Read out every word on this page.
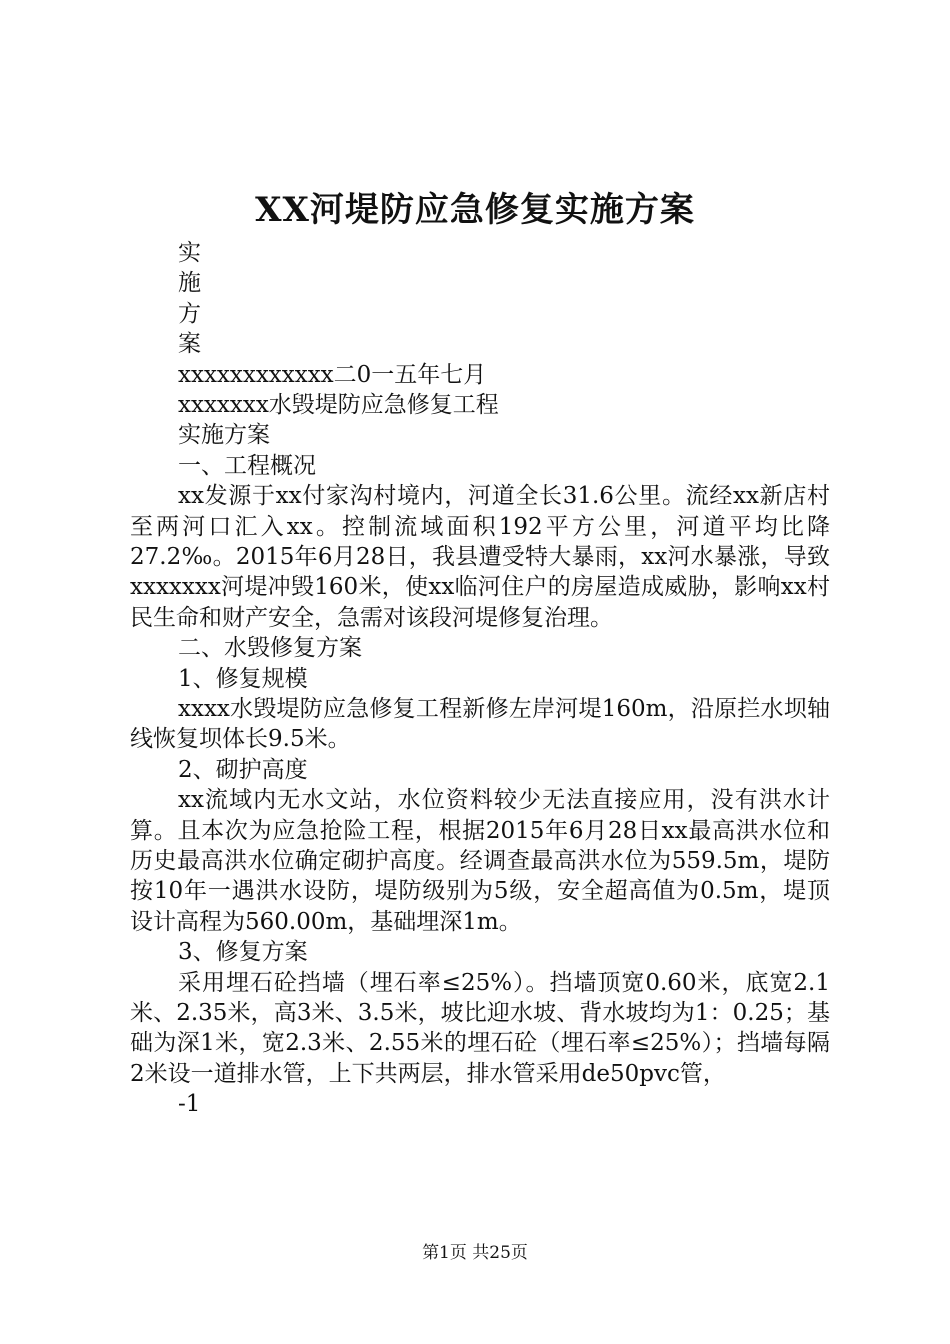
XX河堤防应急修复实施方案
实
施
方
案
xxxxxxxxxxxx二0一五年七月
xxxxxxx水毁堤防应急修复工程
实施方案
一、工程概况
xx发源于xx付家沟村境内，河道全长31.6公里。流经xx新店村至两河口汇入xx。控制流域面积192平方公里，河道平均比降27.2‰。2015年6月28日，我县遭受特大暴雨，xx河水暴涨，导致xxxxxxx河堤冲毁160米，使xx临河住户的房屋造成威胁，影响xx村民生命和财产安全，急需对该段河堤修复治理。
二、水毁修复方案
1、修复规模
xxxx水毁堤防应急修复工程新修左岸河堤160m，沿原拦水坝轴线恢复坝体长9.5米。
2、砌护高度
xx流域内无水文站，水位资料较少无法直接应用，没有洪水计算。且本次为应急抢险工程，根据2015年6月28日xx最高洪水位和历史最高洪水位确定砌护高度。经调查最高洪水位为559.5m，堤防按10年一遇洪水设防，堤防级别为5级，安全超高值为0.5m，堤顶设计高程为560.00m，基础埋深1m。
3、修复方案
采用埋石砼挡墙（埋石率≤25%）。挡墙顶宽0.60米，底宽2.1米、2.35米，高3米、3.5米，坡比迎水坡、背水坡均为1：0.25；基础为深1米，宽2.3米、2.55米的埋石砼（埋石率≤25%）；挡墙每隔2米设一道排水管，上下共两层，排水管采用de50pvc管，
-1
第1页 共25页
